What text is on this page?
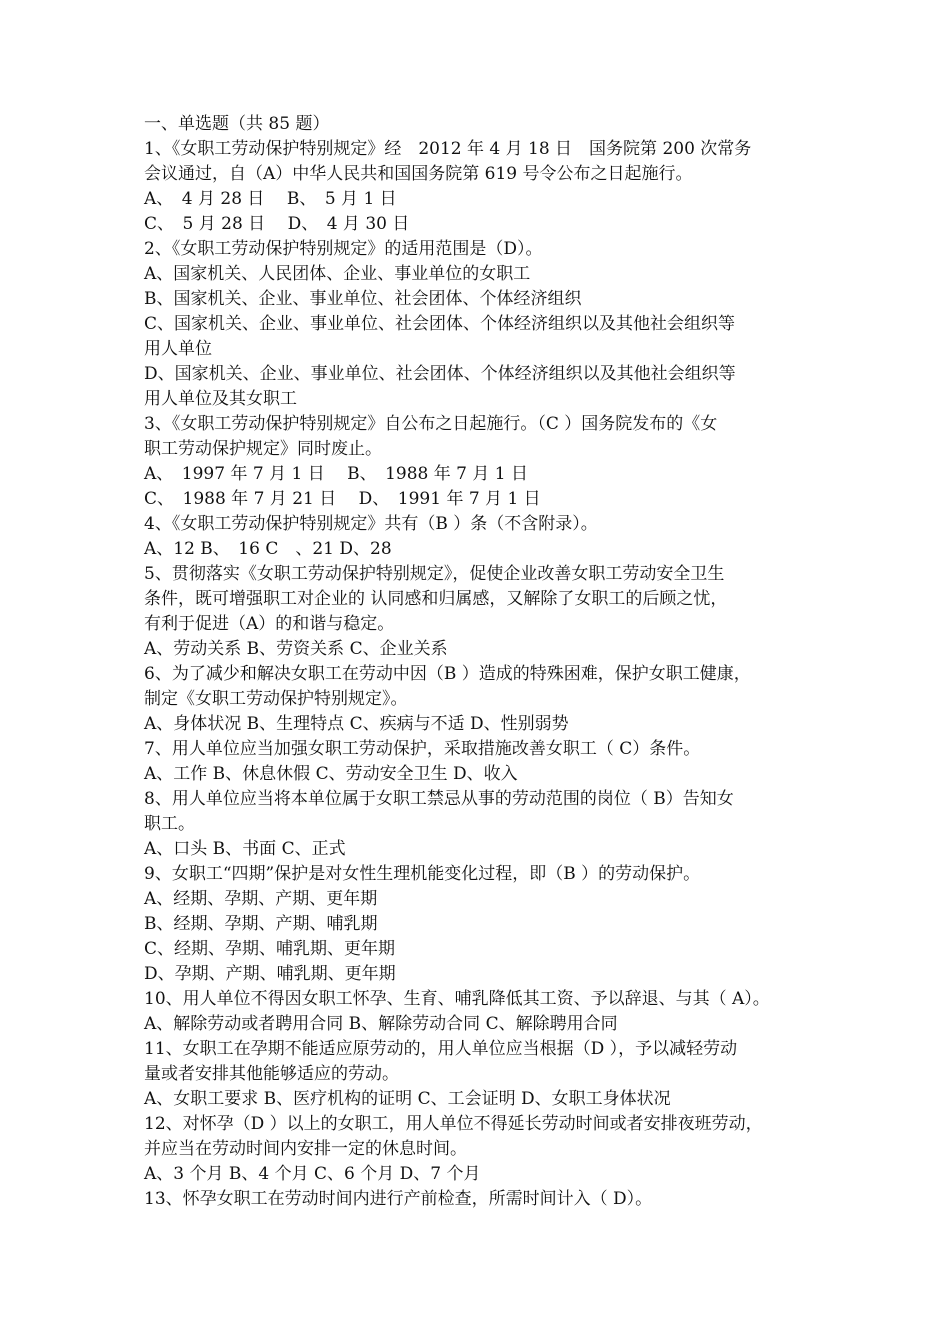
一、单选题（共 85 题）
1、《女职工劳动保护特别规定》经　2012 年 4 月 18 日　国务院第 200 次常务
会议通过，自（A）中华人民共和国国务院第 619 号令公布之日起施行。
A、　4 月 28 日　 B、　5 月 1 日
C、　5 月 28 日　 D、　4 月 30 日
2、《女职工劳动保护特别规定》的适用范围是（D）。
A、国家机关、人民团体、企业、事业单位的女职工
B、国家机关、企业、事业单位、社会团体、个体经济组织
C、国家机关、企业、事业单位、社会团体、个体经济组织以及其他社会组织等
用人单位
D、国家机关、企业、事业单位、社会团体、个体经济组织以及其他社会组织等
用人单位及其女职工
3、《女职工劳动保护特别规定》自公布之日起施行。（C ）国务院发布的《女
职工劳动保护规定》同时废止。
A、　1997 年 7 月 1 日　 B、　1988 年 7 月 1 日
C、　1988 年 7 月 21 日　 D、　1991 年 7 月 1 日
4、《女职工劳动保护特别规定》共有（B ）条（不含附录）。
A、12 B、　16 C　、21 D、28
5、贯彻落实《女职工劳动保护特别规定》，促使企业改善女职工劳动安全卫生
条件，既可增强职工对企业的 认同感和归属感，又解除了女职工的后顾之忧，
有利于促进（A）的和谐与稳定。
A、劳动关系 B、劳资关系 C、企业关系
6、为了减少和解决女职工在劳动中因（B ）造成的特殊困难，保护女职工健康，
制定《女职工劳动保护特别规定》。
A、身体状况 B、生理特点 C、疾病与不适 D、性别弱势
7、用人单位应当加强女职工劳动保护，采取措施改善女职工（ C）条件。
A、工作 B、休息休假 C、劳动安全卫生 D、收入
8、用人单位应当将本单位属于女职工禁忌从事的劳动范围的岗位（ B）告知女
职工。
A、口头 B、书面 C、正式
9、女职工“四期”保护是对女性生理机能变化过程，即（B ）的劳动保护。
A、经期、孕期、产期、更年期
B、经期、孕期、产期、哺乳期
C、经期、孕期、哺乳期、更年期
D、孕期、产期、哺乳期、更年期
10、用人单位不得因女职工怀孕、生育、哺乳降低其工资、予以辞退、与其（ A）。
A、解除劳动或者聘用合同 B、解除劳动合同 C、解除聘用合同
11、女职工在孕期不能适应原劳动的，用人单位应当根据（D ），予以减轻劳动
量或者安排其他能够适应的劳动。
A、女职工要求 B、医疗机构的证明 C、工会证明 D、女职工身体状况
12、对怀孕（D ）以上的女职工，用人单位不得延长劳动时间或者安排夜班劳动，
并应当在劳动时间内安排一定的休息时间。
A、3 个月 B、4 个月 C、6 个月 D、7 个月
13、怀孕女职工在劳动时间内进行产前检查，所需时间计入（ D）。
